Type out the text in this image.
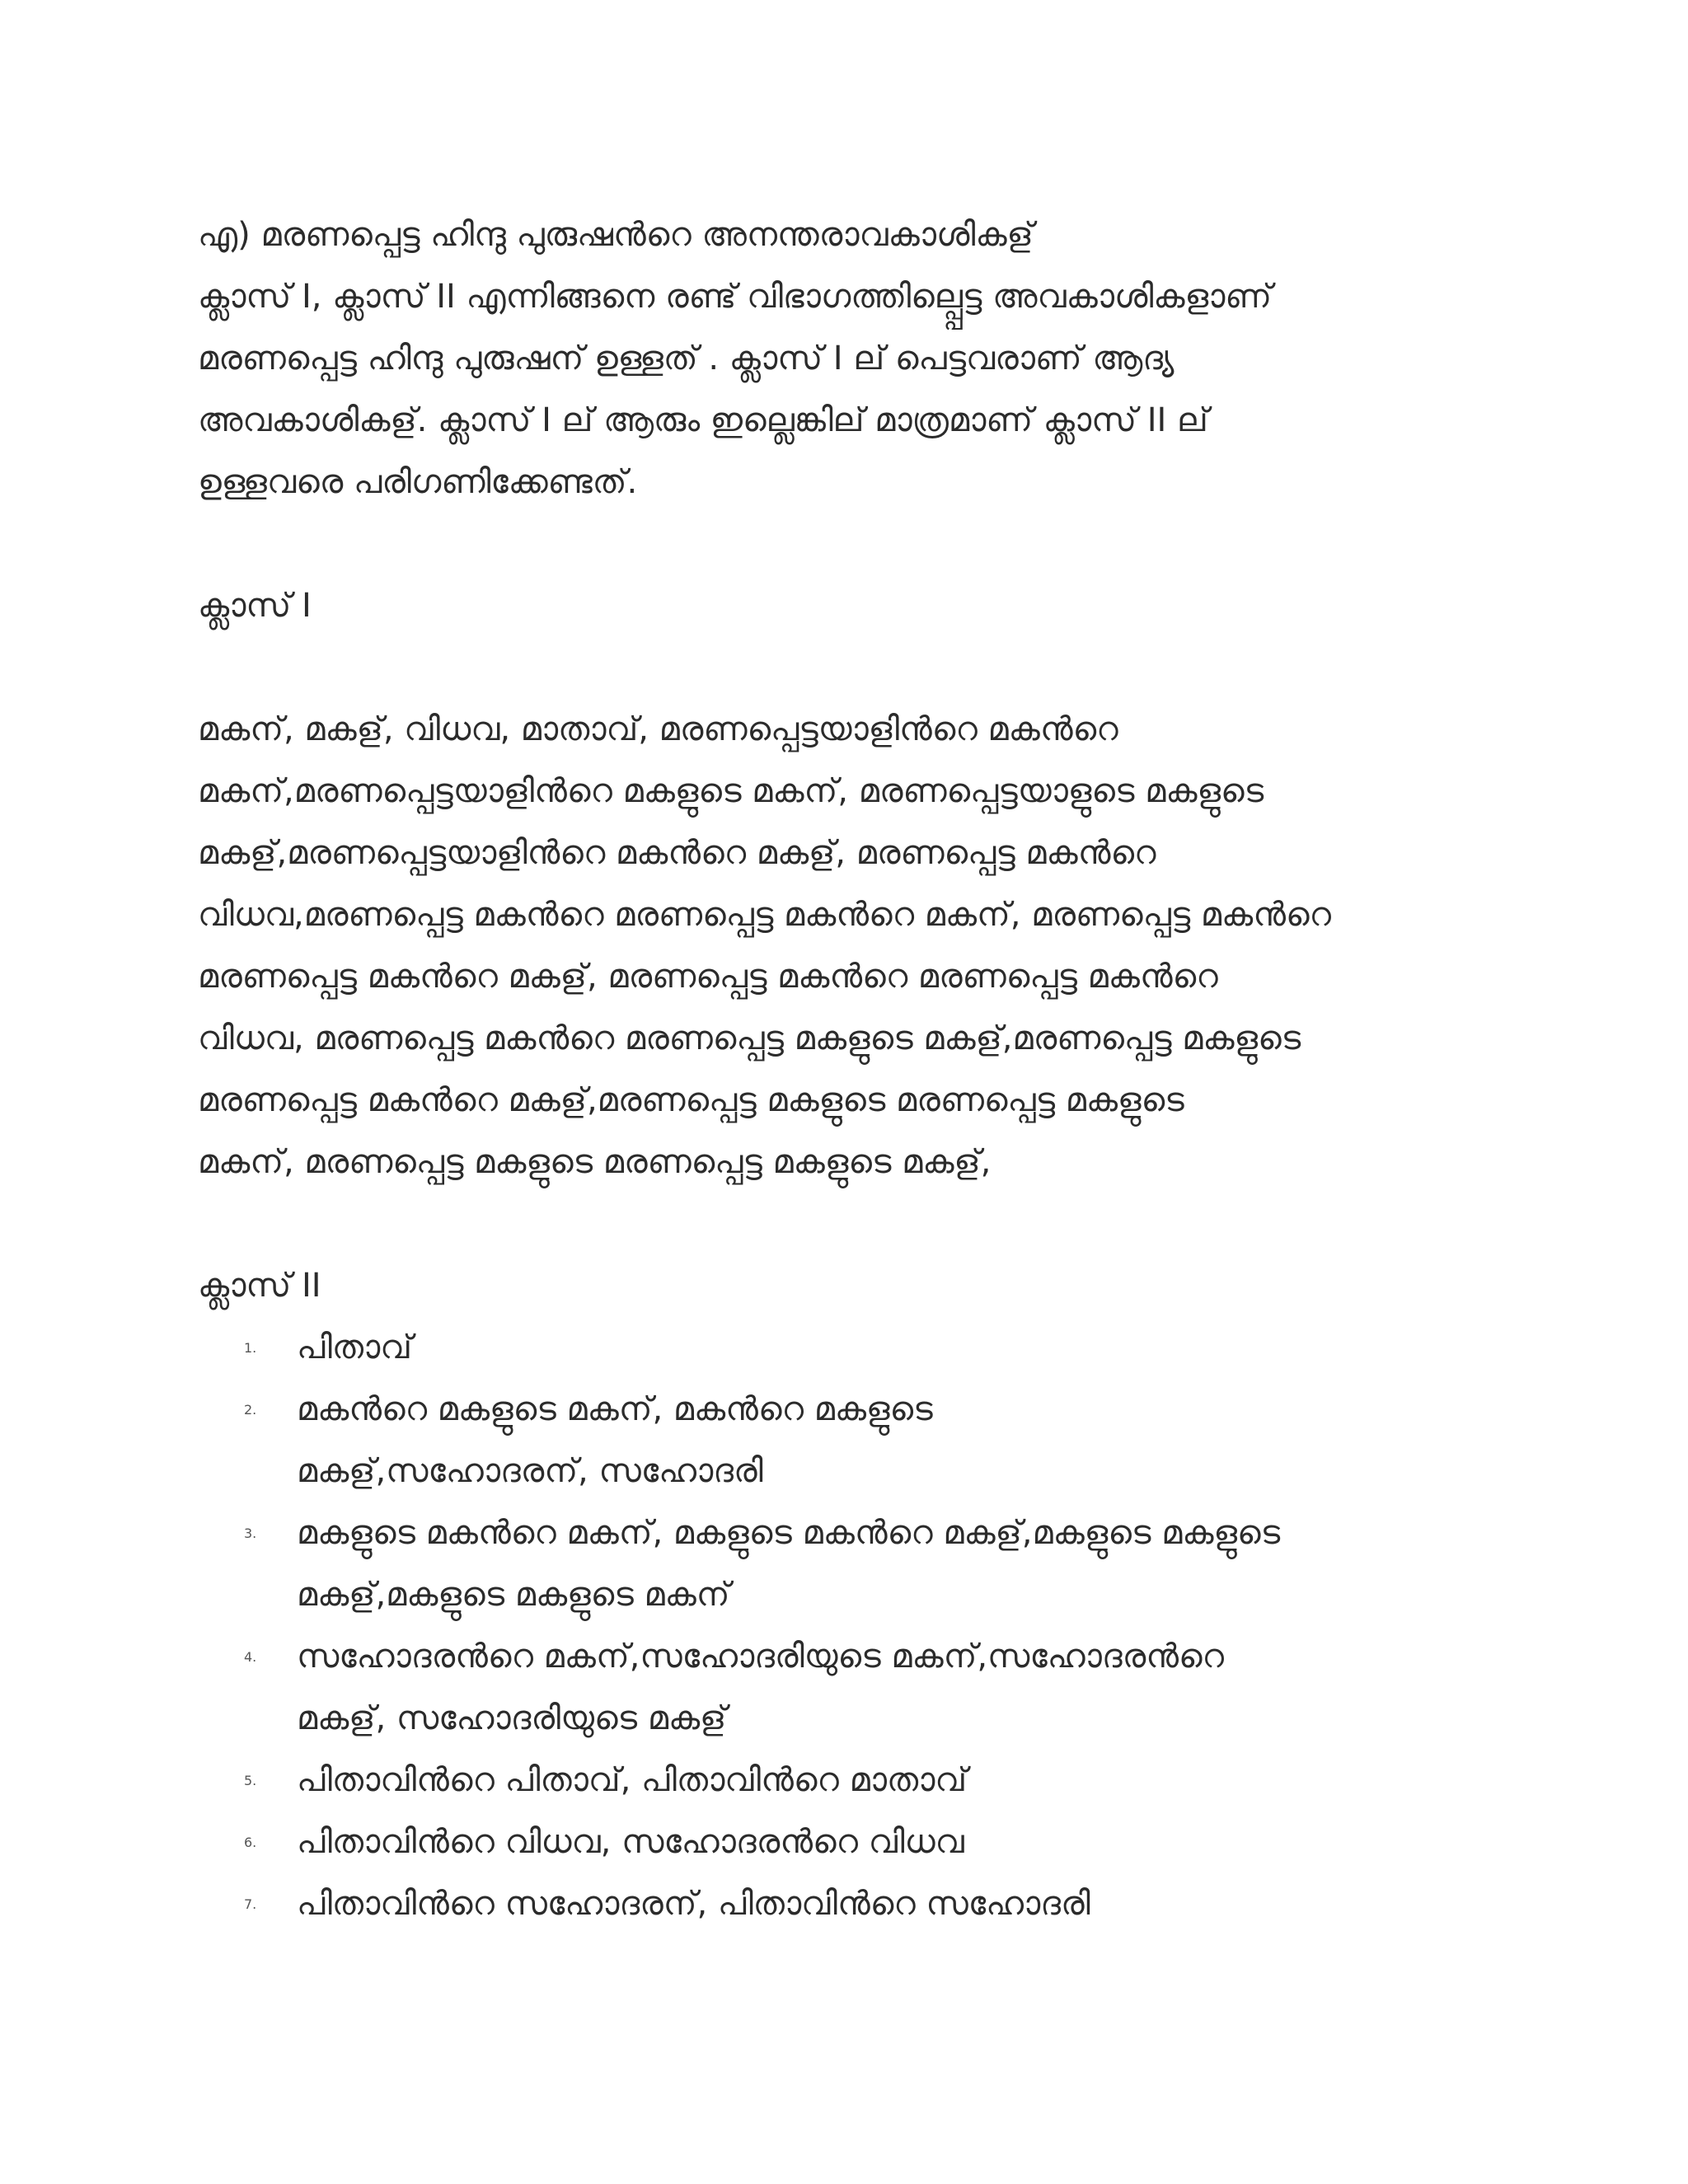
എ) മരണപ്പെട്ട ഹിന്ദു പുരുഷന്‍റെ അനന്തരാവകാശികള്
ക്ലാസ് I, ക്ലാസ് II എന്നിങ്ങനെ രണ്ട് വിഭാഗത്തില്പ്പെട്ട അവകാശികളാണ്
മരണപ്പെട്ട ഹിന്ദു പുരുഷന് ഉള്ളത് . ക്ലാസ് I ല് പെട്ടവരാണ് ആദ്യ
അവകാശികള്. ക്ലാസ് I ല് ആരും ഇല്ലെങ്കില് മാത്രമാണ് ക്ലാസ് II ല്
ഉള്ളവരെ പരിഗണിക്കേണ്ടത്.
ക്ലാസ് I
മകന്, മകള്, വിധവ, മാതാവ്, മരണപ്പെട്ടയാളിന്‍റെ മകന്‍റെ
മകന്,മരണപ്പെട്ടയാളിന്‍റെ മകളുടെ മകന്, മരണപ്പെട്ടയാളുടെ മകളുടെ
മകള്,മരണപ്പെട്ടയാളിന്‍റെ മകന്‍റെ മകള്, മരണപ്പെട്ട മകന്‍റെ
വിധവ,മരണപ്പെട്ട മകന്‍റെ മരണപ്പെട്ട മകന്‍റെ മകന്, മരണപ്പെട്ട മകന്‍റെ
മരണപ്പെട്ട മകന്‍റെ മകള്, മരണപ്പെട്ട മകന്‍റെ മരണപ്പെട്ട മകന്‍റെ
വിധവ, മരണപ്പെട്ട മകന്‍റെ മരണപ്പെട്ട മകളുടെ മകള്,മരണപ്പെട്ട മകളുടെ
മരണപ്പെട്ട മകന്‍റെ മകള്,മരണപ്പെട്ട മകളുടെ മരണപ്പെട്ട മകളുടെ
മകന്, മരണപ്പെട്ട മകളുടെ മരണപ്പെട്ട മകളുടെ മകള്,
ക്ലാസ് II
1. പിതാവ്
2. മകന്‍റെ മകളുടെ മകന്, മകന്‍റെ മകളുടെ
മകള്,സഹോദരന്, സഹോദരി
3. മകളുടെ മകന്‍റെ മകന്, മകളുടെ മകന്‍റെ മകള്,മകളുടെ മകളുടെ
മകള്,മകളുടെ മകളുടെ മകന്
4. സഹോദരന്‍റെ മകന്,സഹോദരിയുടെ മകന്,സഹോദരന്‍റെ
മകള്, സഹോദരിയുടെ മകള്
5. പിതാവിന്‍റെ പിതാവ്, പിതാവിന്‍റെ മാതാവ്
6. പിതാവിന്‍റെ വിധവ, സഹോദരന്‍റെ വിധവ
7. പിതാവിന്‍റെ സഹോദരന്, പിതാവിന്‍റെ സഹോദരി
